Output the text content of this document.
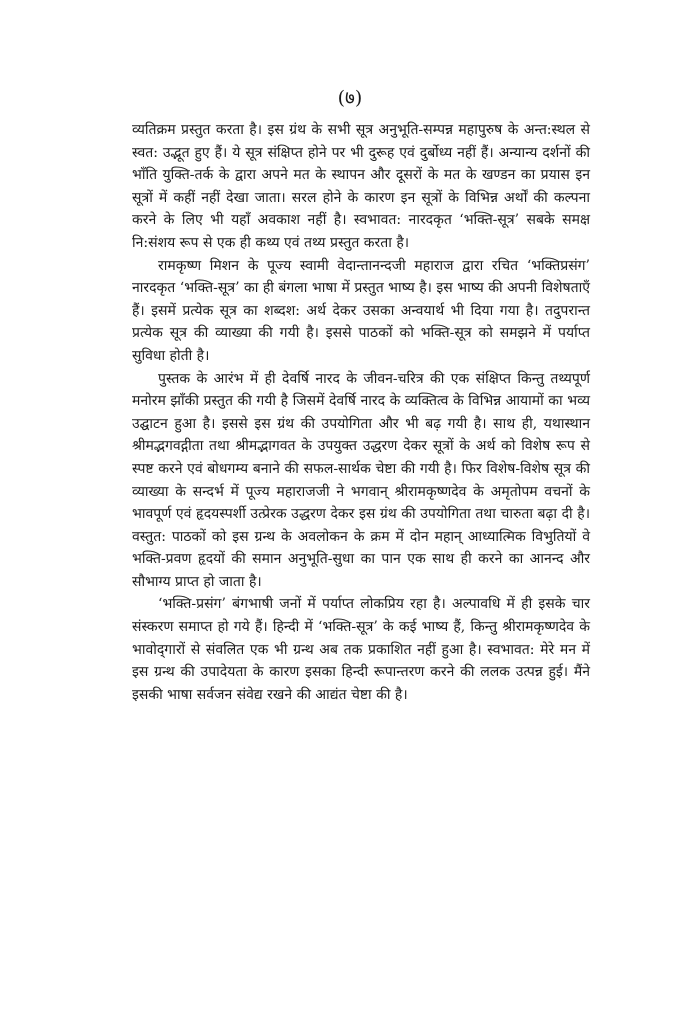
(७)

व्यतिक्रम प्रस्तुत करता है। इस ग्रंथ के सभी सूत्र अनुभूति-सम्पन्न महापुरुष के अन्त:स्थल से स्वत: उद्भूत हुए हैं। ये सूत्र संक्षिप्त होने पर भी दुरूह एवं दुर्बोध्य नहीं हैं। अन्यान्य दर्शनों की भाँति युक्ति-तर्क के द्वारा अपने मत के स्थापन और दूसरों के मत के खण्डन का प्रयास इन सूत्रों में कहीं नहीं देखा जाता। सरल होने के कारण इन सूत्रों के विभिन्न अर्थों की कल्पना करने के लिए भी यहाँ अवकाश नहीं है। स्वभावत: नारदकृत ‘भक्ति-सूत्र’ सबके समक्ष नि:संशय रूप से एक ही कथ्य एवं तथ्य प्रस्तुत करता है।

रामकृष्ण मिशन के पूज्य स्वामी वेदान्तानन्दजी महाराज द्वारा रचित ‘भक्तिप्रसंग’ नारदकृत ‘भक्ति-सूत्र’ का ही बंगला भाषा में प्रस्तुत भाष्य है। इस भाष्य की अपनी विशेषताएँ हैं। इसमें प्रत्येक सूत्र का शब्दश: अर्थ देकर उसका अन्वयार्थ भी दिया गया है। तदुपरान्त प्रत्येक सूत्र की व्याख्या की गयी है। इससे पाठकों को भक्ति-सूत्र को समझने में पर्याप्त सुविधा होती है।

पुस्तक के आरंभ में ही देवर्षि नारद के जीवन-चरित्र की एक संक्षिप्त किन्तु तथ्यपूर्ण मनोरम झाँकी प्रस्तुत की गयी है जिसमें देवर्षि नारद के व्यक्तित्व के विभिन्न आयामों का भव्य उद्घाटन हुआ है। इससे इस ग्रंथ की उपयोगिता और भी बढ़ गयी है। साथ ही, यथास्थान श्रीमद्भगवद्गीता तथा श्रीमद्भागवत के उपयुक्त उद्धरण देकर सूत्रों के अर्थ को विशेष रूप से स्पष्ट करने एवं बोधगम्य बनाने की सफल-सार्थक चेष्टा की गयी है। फिर विशेष-विशेष सूत्र की व्याख्या के सन्दर्भ में पूज्य महाराजजी ने भगवान् श्रीरामकृष्णदेव के अमृतोपम वचनों के भावपूर्ण एवं हृदयस्पर्शी उत्प्रेरक उद्धरण देकर इस ग्रंथ की उपयोगिता तथा चारुता बढ़ा दी है। वस्तुत: पाठकों को इस ग्रन्थ के अवलोकन के क्रम में दोन महान् आध्यात्मिक विभुतियों वे भक्ति-प्रवण हृदयों की समान अनुभूति-सुधा का पान एक साथ ही करने का आनन्द और सौभाग्य प्राप्त हो जाता है।

‘भक्ति-प्रसंग’ बंगभाषी जनों में पर्याप्त लोकप्रिय रहा है। अल्पावधि में ही इसके चार संस्करण समाप्त हो गये हैं। हिन्दी में ‘भक्ति-सूत्र’ के कई भाष्य हैं, किन्तु श्रीरामकृष्णदेव के भावोद्‌गारों से संवलित एक भी ग्रन्थ अब तक प्रकाशित नहीं हुआ है। स्वभावत: मेरे मन में इस ग्रन्थ की उपादेयता के कारण इसका हिन्दी रूपान्तरण करने की ललक उत्पन्न हुई। मैंने इसकी भाषा सर्वजन संवेद्य रखने की आद्यंत चेष्टा की है।
